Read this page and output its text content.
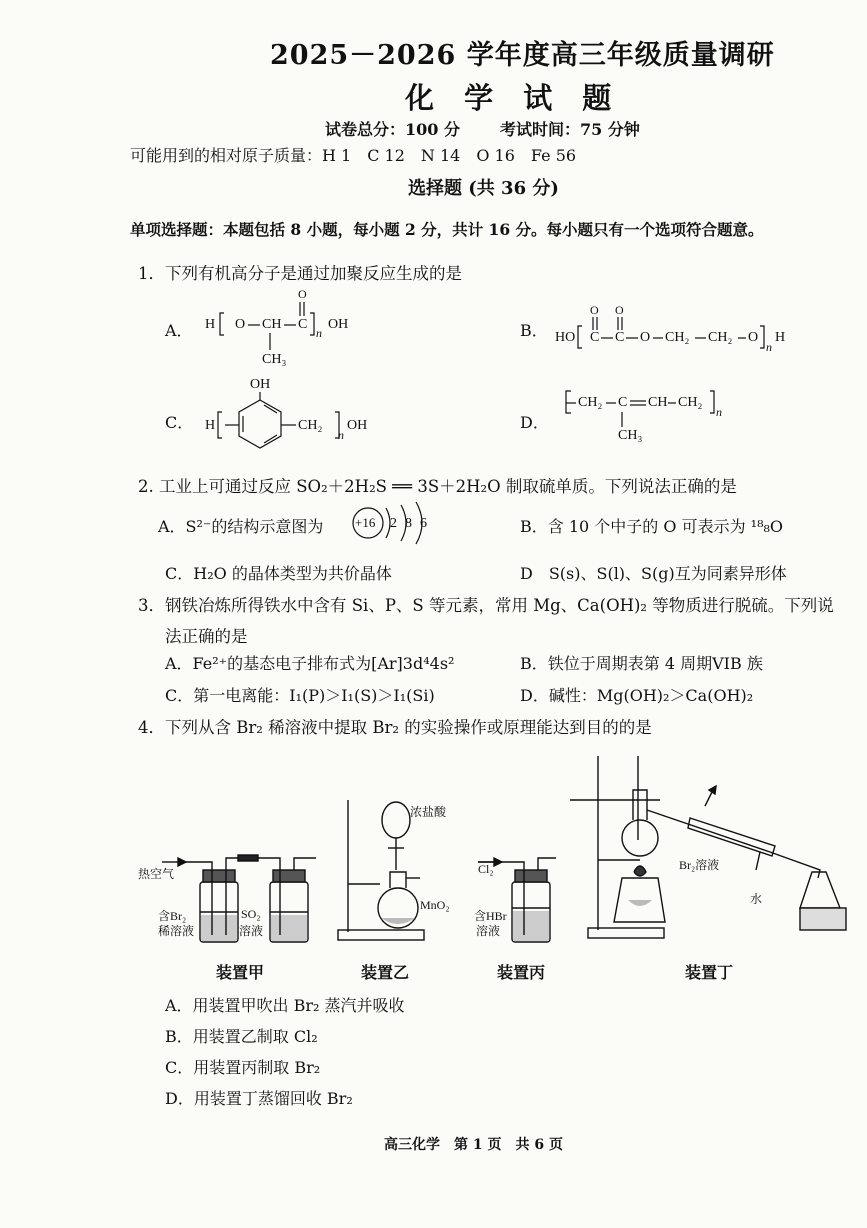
2025－2026 学年度高三年级质量调研
化 学 试 题
试卷总分：100 分	考试时间：75 分钟
可能用到的相对原子质量：H 1　C 12　N 14　O 16　Fe 56
选择题 (共 36 分)
单项选择题：本题包括 8 小题，每小题 2 分，共计 16 分。每小题只有一个选项符合题意。
1．下列有机高分子是通过加聚反应生成的是
A． H O CH C
O
CH₃
n
OH	B． HO C C
O O
O CH₂ CH₂ O
n
H
C． H
OH
CH₂
n
OH	D．
CH₂ C CH CH₂
CH₃
n
2. 工业上可通过反应 SO₂＋2H₂S ══ 3S＋2H₂O 制取硫单质。下列说法正确的是
A．S²⁻的结构示意图为 +16 2 8 6	B．含 10 个中子的 O 可表示为 ¹⁸₈O
C．H₂O 的晶体类型为共价晶体	D　S(s)、S(l)、S(g)互为同素异形体
3．钢铁冶炼所得铁水中含有 Si、P、S 等元素，常用 Mg、Ca(OH)₂ 等物质进行脱硫。下列说
法正确的是
A．Fe²⁺的基态电子排布式为[Ar]3d⁴4s²	B．铁位于周期表第 4 周期VIB 族
C．第一电离能：I₁(P)＞I₁(S)＞I₁(Si)	D．碱性：Mg(OH)₂＞Ca(OH)₂
4．下列从含 Br₂ 稀溶液中提取 Br₂ 的实验操作或原理能达到目的的是
热空气
含Br₂
稀溶液
SO₂
溶液
浓盐酸
MnO₂
Cl₂
含HBr
溶液
Br₂溶液
水
装置甲	装置乙	装置丙	装置丁
A．用装置甲吹出 Br₂ 蒸汽并吸收
B．用装置乙制取 Cl₂
C．用装置丙制取 Br₂
D．用装置丁蒸馏回收 Br₂
高三化学　第 1 页　共 6 页
